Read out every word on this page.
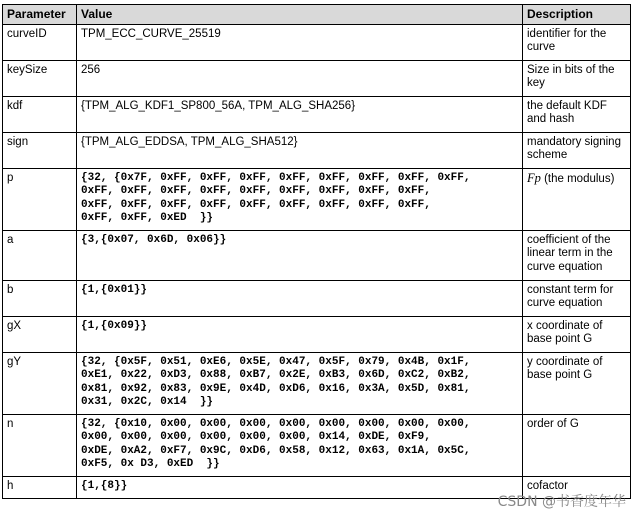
Parameter	Value	Description
curveID	TPM_ECC_CURVE_25519	identifier for the curve
keySize	256	Size in bits of the key
kdf	{TPM_ALG_KDF1_SP800_56A, TPM_ALG_SHA256}	the default KDF and hash
sign	{TPM_ALG_EDDSA, TPM_ALG_SHA512}	mandatory signing scheme
p	{32, {0x7F, 0xFF, 0xFF, 0xFF, 0xFF, 0xFF, 0xFF, 0xFF, 0xFF,
0xFF, 0xFF, 0xFF, 0xFF, 0xFF, 0xFF, 0xFF, 0xFF, 0xFF,
0xFF, 0xFF, 0xFF, 0xFF, 0xFF, 0xFF, 0xFF, 0xFF, 0xFF,
0xFF, 0xFF, 0xED  }}	Fp (the modulus)
a	{3,{0x07, 0x6D, 0x06}}	coefficient of the linear term in the curve equation
b	{1,{0x01}}	constant term for curve equation
gX	{1,{0x09}}	x coordinate of base point G
gY	{32, {0x5F, 0x51, 0xE6, 0x5E, 0x47, 0x5F, 0x79, 0x4B, 0x1F,
0xE1, 0x22, 0xD3, 0x88, 0xB7, 0x2E, 0xB3, 0x6D, 0xC2, 0xB2,
0x81, 0x92, 0x83, 0x9E, 0x4D, 0xD6, 0x16, 0x3A, 0x5D, 0x81,
0x31, 0x2C, 0x14  }}	y coordinate of base point G
n	{32, {0x10, 0x00, 0x00, 0x00, 0x00, 0x00, 0x00, 0x00, 0x00,
0x00, 0x00, 0x00, 0x00, 0x00, 0x00, 0x14, 0xDE, 0xF9,
0xDE, 0xA2, 0xF7, 0x9C, 0xD6, 0x58, 0x12, 0x63, 0x1A, 0x5C,
0xF5, 0x D3, 0xED  }}	order of G
h	{1,{8}}	cofactor
CSDN @书香度年华
